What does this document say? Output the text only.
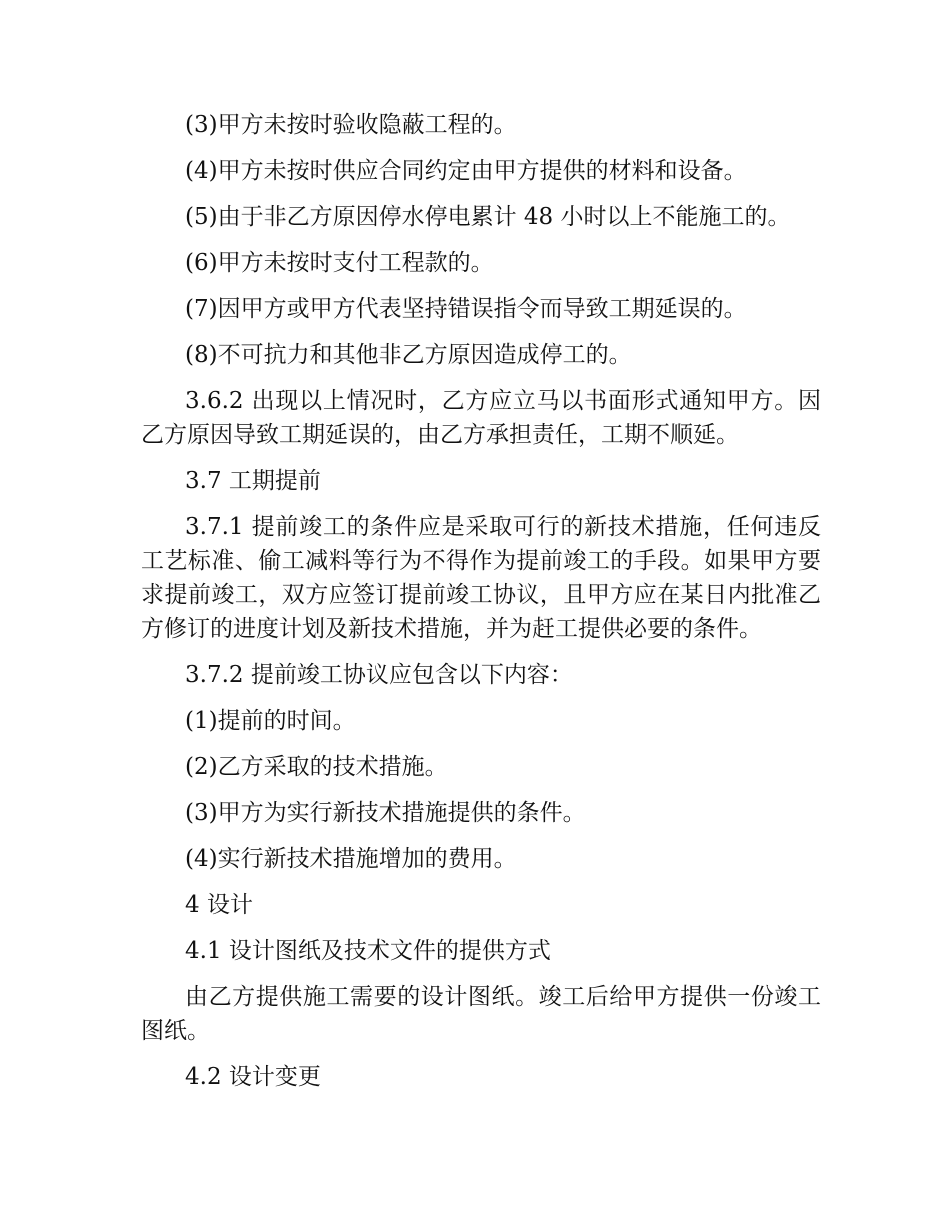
(3)甲方未按时验收隐蔽工程的。

(4)甲方未按时供应合同约定由甲方提供的材料和设备。

(5)由于非乙方原因停水停电累计 48 小时以上不能施工的。

(6)甲方未按时支付工程款的。

(7)因甲方或甲方代表坚持错误指令而导致工期延误的。

(8)不可抗力和其他非乙方原因造成停工的。

3.6.2 出现以上情况时，乙方应立马以书面形式通知甲方。因乙方原因导致工期延误的，由乙方承担责任，工期不顺延。

3.7 工期提前

3.7.1 提前竣工的条件应是采取可行的新技术措施，任何违反工艺标准、偷工减料等行为不得作为提前竣工的手段。如果甲方要求提前竣工，双方应签订提前竣工协议，且甲方应在某日内批准乙方修订的进度计划及新技术措施，并为赶工提供必要的条件。

3.7.2 提前竣工协议应包含以下内容：

(1)提前的时间。

(2)乙方采取的技术措施。

(3)甲方为实行新技术措施提供的条件。

(4)实行新技术措施增加的费用。

4 设计

4.1 设计图纸及技术文件的提供方式

由乙方提供施工需要的设计图纸。竣工后给甲方提供一份竣工图纸。

4.2 设计变更
